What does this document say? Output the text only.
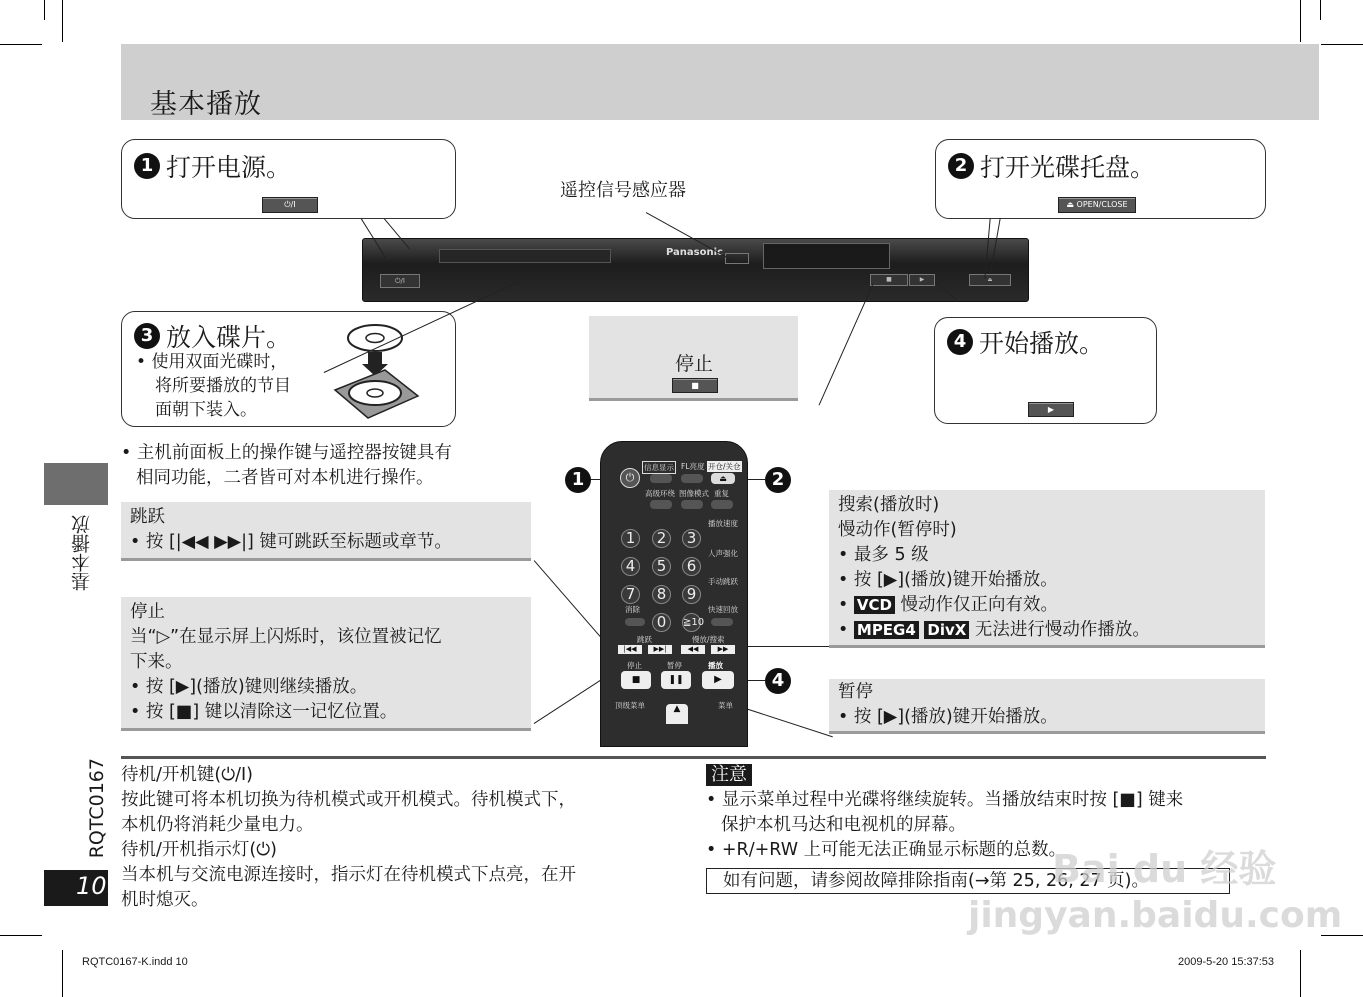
基本播放
基本播放
RQTC0167
10
1 打开电源。
⏻/I
2 打开光碟托盘。
⏏ OPEN/CLOSE
遥控信号感应器
Panasonic
⏻/I	■	▶	⏏
3 放入碟片。
• 使用双面光碟时，
将所要播放的节目
面朝下装入。
停止
■
4 开始播放。
▶
• 主机前面板上的操作键与遥控器按键具有
相同功能，二者皆可对本机进行操作。
跳跃
• 按 [|◀◀ ▶▶|] 键可跳跃至标题或章节。
停止
当“▷”在显示屏上闪烁时，该位置被记忆
下来。
• 按 [▶](播放)键则继续播放。
• 按 [■] 键以清除这一记忆位置。
⏻
信息显示 FL亮度 开仓/关仓
⏏
高级环绕 图像模式 重复
播放速度
人声强化
手动跳跃
快速回放
消除
1	2	3
4	5	6
7	8	9
0	≧10
跳跃	慢放/搜索
|◀◀	▶▶|	◀◀	▶▶
停止	暂停	播放
■	❚❚	▶
顶级菜单	菜单
▲
1	2
4
搜索(播放时)
慢动作(暂停时)
• 最多 5 级
• 按 [▶](播放)键开始播放。
• VCD 慢动作仅正向有效。
• MPEG4 DivX 无法进行慢动作播放。
暂停
• 按 [▶](播放)键开始播放。
待机/开机键(⏻/I)
按此键可将本机切换为待机模式或开机模式。待机模式下，
本机仍将消耗少量电力。
待机/开机指示灯(⏻)
当本机与交流电源连接时，指示灯在待机模式下点亮，在开
机时熄灭。
注意
• 显示菜单过程中光碟将继续旋转。当播放结束时按 [■] 键来
保护本机马达和电视机的屏幕。
• +R/+RW 上可能无法正确显示标题的总数。
如有问题，请参阅故障排除指南(→第 25, 26, 27 页)。
Bai du 经验
jingyan.baidu.com
RQTC0167-K.indd 10	2009-5-20 15:37:53
